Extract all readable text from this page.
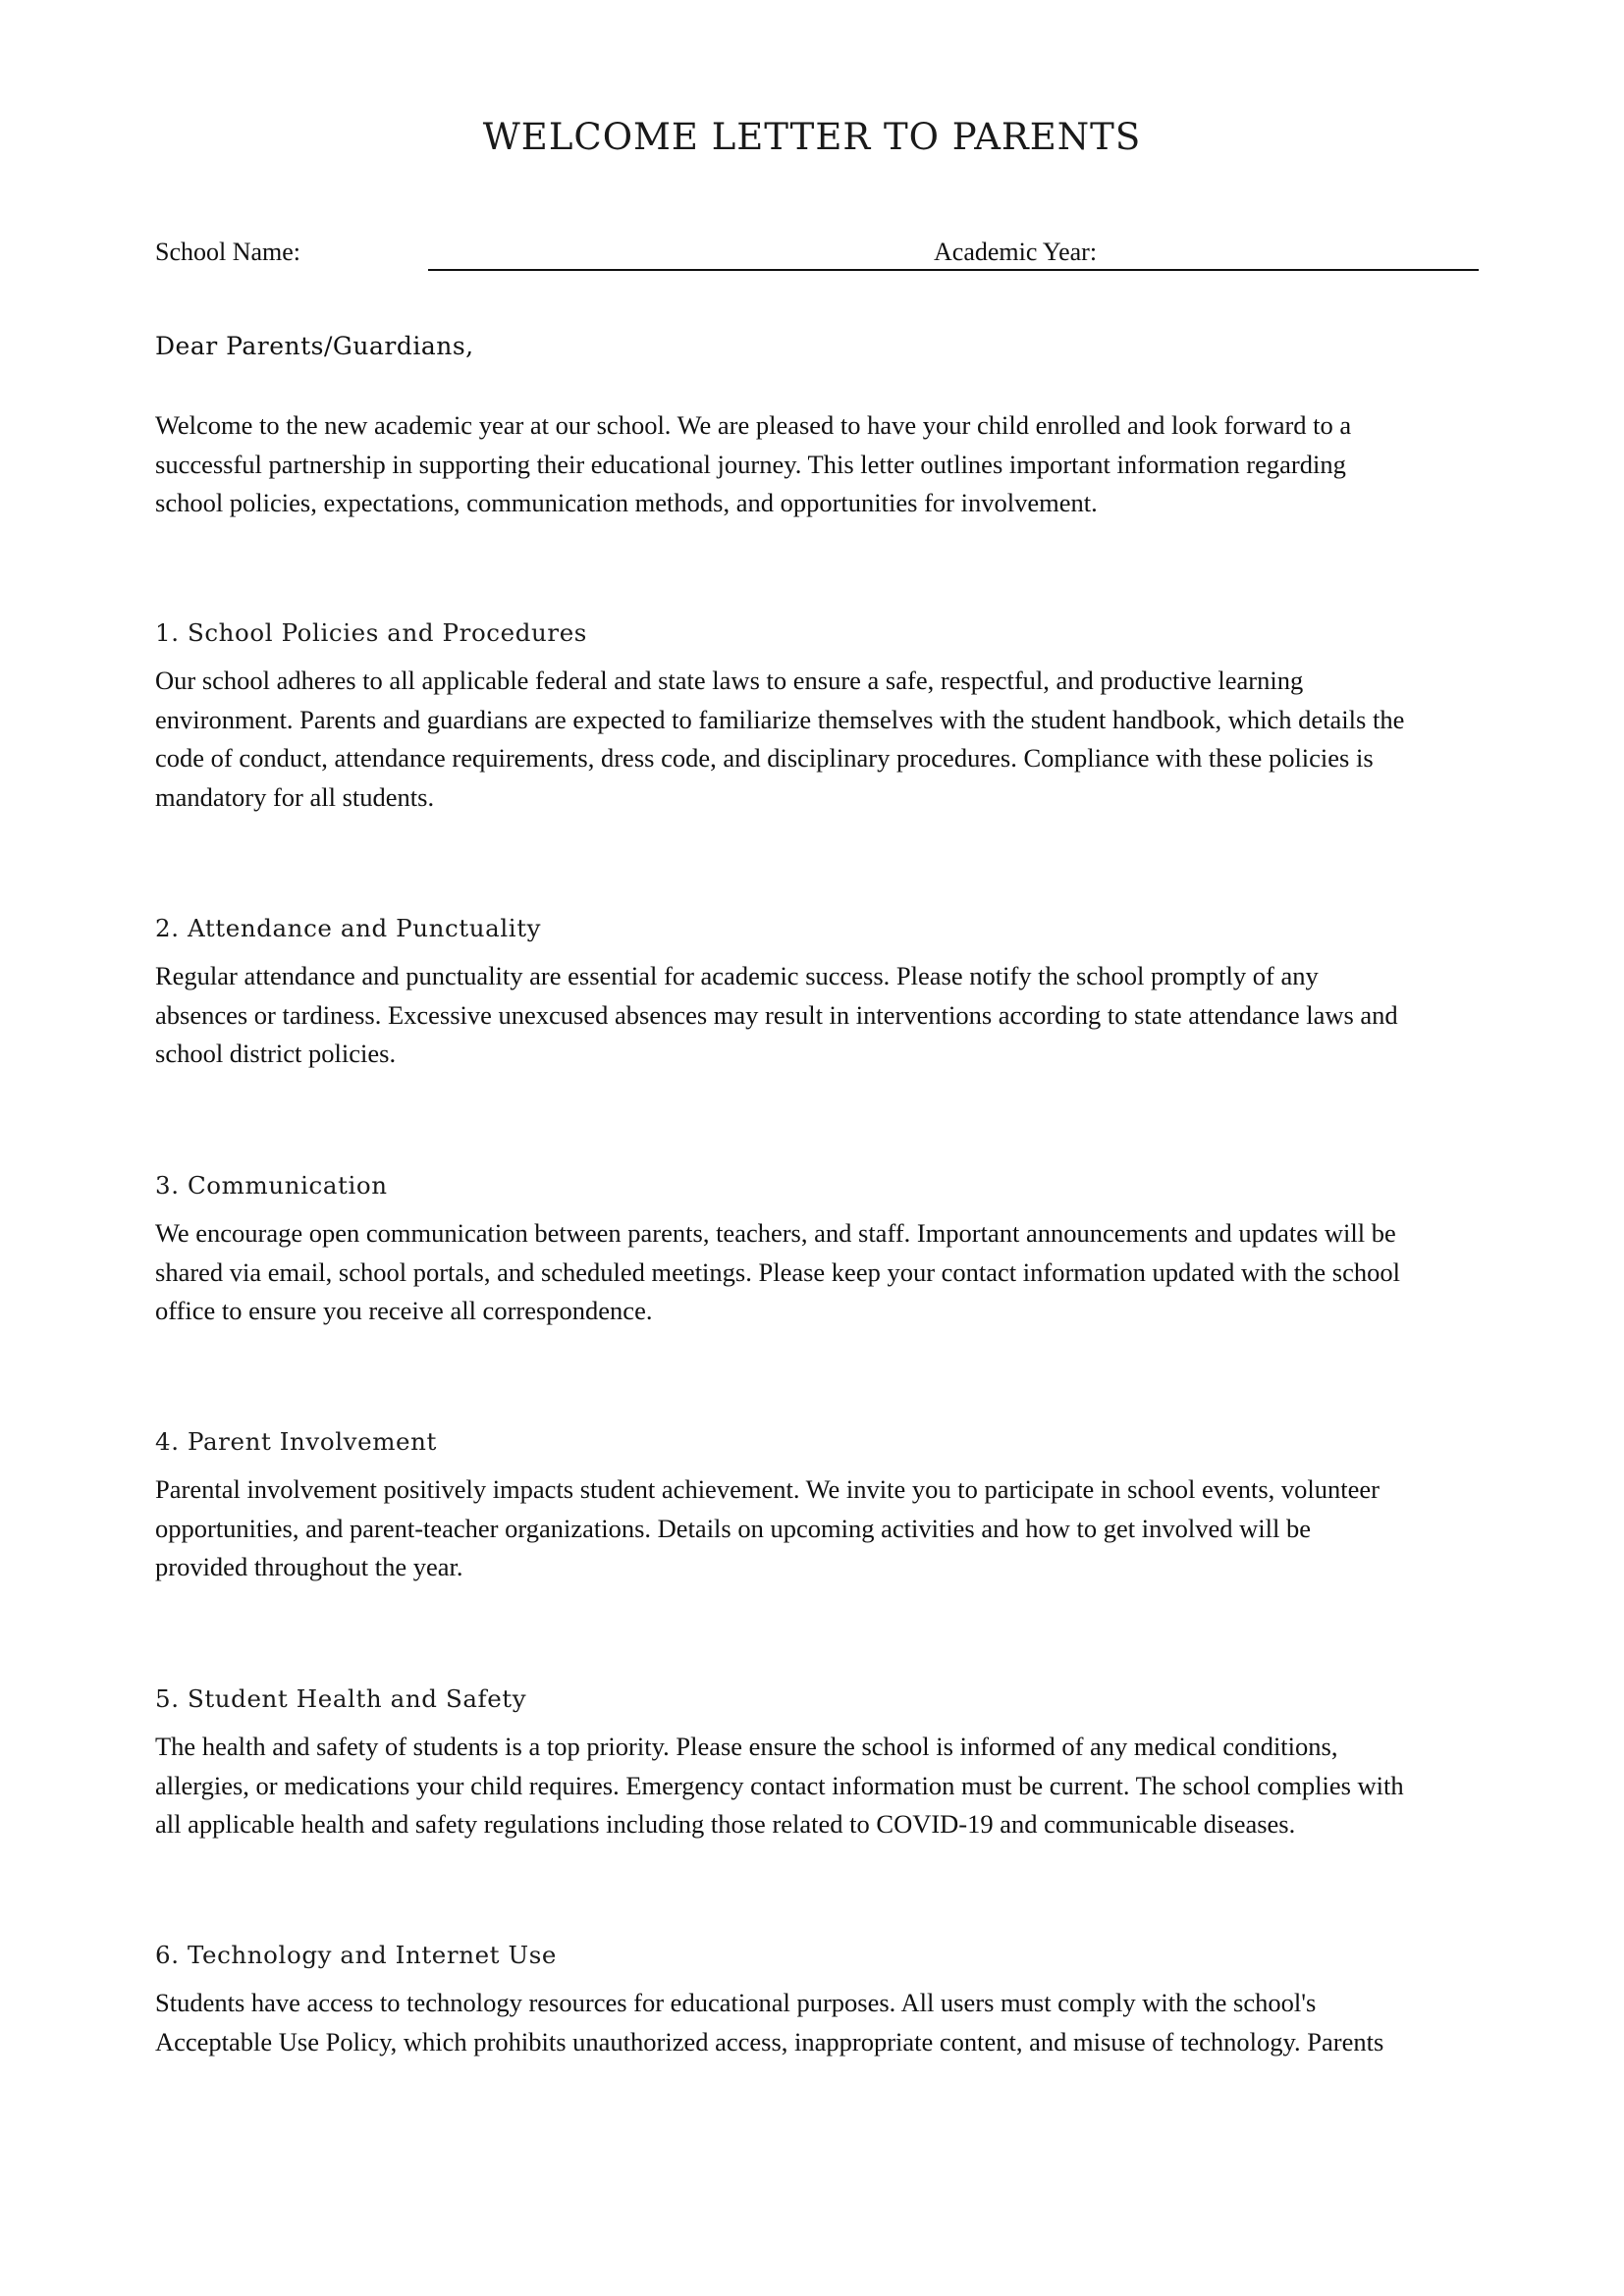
WELCOME LETTER TO PARENTS
School Name:	Academic Year:
Dear Parents/Guardians,
Welcome to the new academic year at our school. We are pleased to have your child enrolled and look forward to a
successful partnership in supporting their educational journey. This letter outlines important information regarding
school policies, expectations, communication methods, and opportunities for involvement.
1. School Policies and Procedures
Our school adheres to all applicable federal and state laws to ensure a safe, respectful, and productive learning
environment. Parents and guardians are expected to familiarize themselves with the student handbook, which details the
code of conduct, attendance requirements, dress code, and disciplinary procedures. Compliance with these policies is
mandatory for all students.
2. Attendance and Punctuality
Regular attendance and punctuality are essential for academic success. Please notify the school promptly of any
absences or tardiness. Excessive unexcused absences may result in interventions according to state attendance laws and
school district policies.
3. Communication
We encourage open communication between parents, teachers, and staff. Important announcements and updates will be
shared via email, school portals, and scheduled meetings. Please keep your contact information updated with the school
office to ensure you receive all correspondence.
4. Parent Involvement
Parental involvement positively impacts student achievement. We invite you to participate in school events, volunteer
opportunities, and parent-teacher organizations. Details on upcoming activities and how to get involved will be
provided throughout the year.
5. Student Health and Safety
The health and safety of students is a top priority. Please ensure the school is informed of any medical conditions,
allergies, or medications your child requires. Emergency contact information must be current. The school complies with
all applicable health and safety regulations including those related to COVID-19 and communicable diseases.
6. Technology and Internet Use
Students have access to technology resources for educational purposes. All users must comply with the school's
Acceptable Use Policy, which prohibits unauthorized access, inappropriate content, and misuse of technology. Parents
